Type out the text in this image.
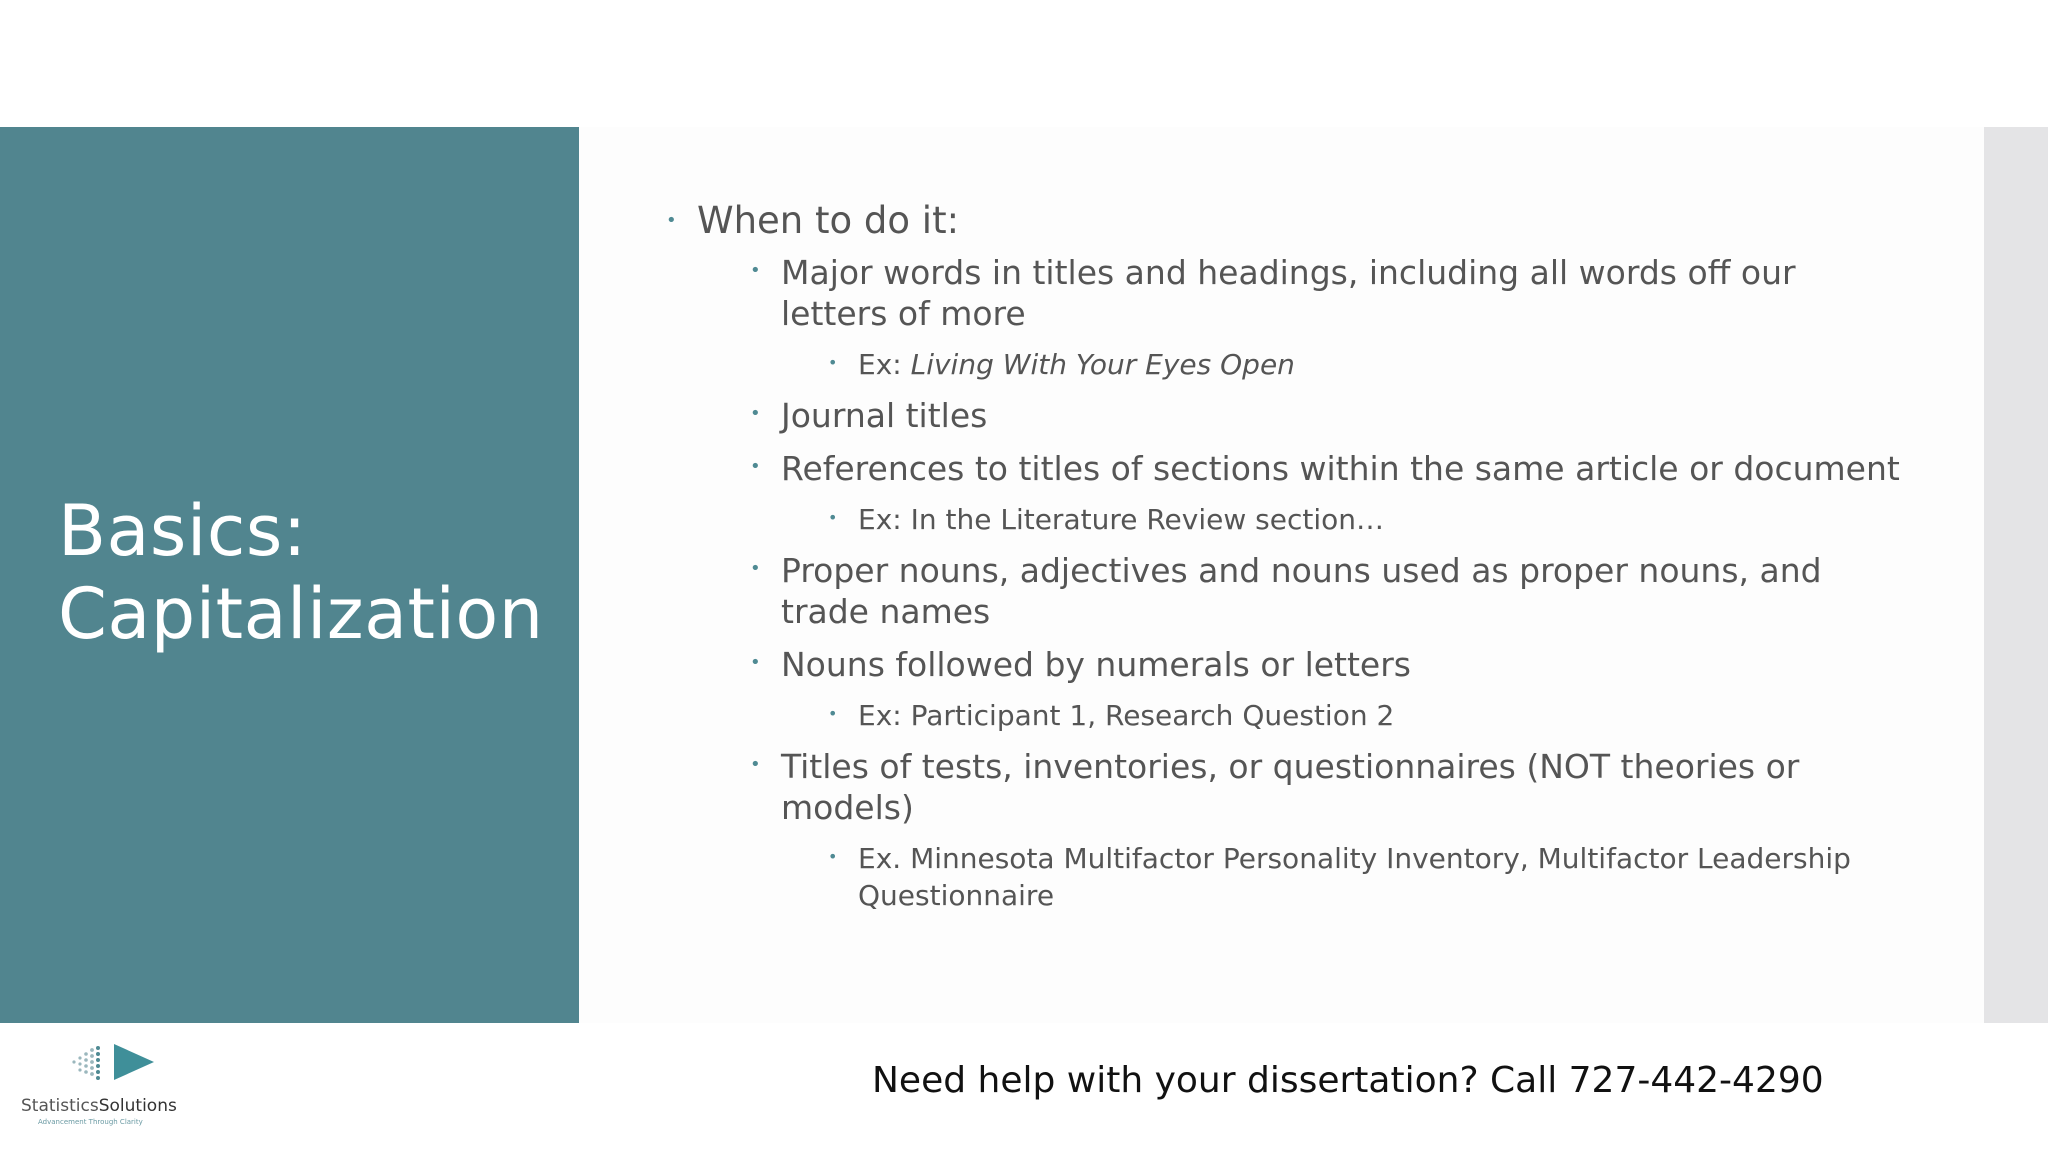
Basics:
Capitalization
• When to do it:
• Major words in titles and headings, including all words off our letters of more
• Ex: Living With Your Eyes Open
• Journal titles
• References to titles of sections within the same article or document
• Ex: In the Literature Review section…
• Proper nouns, adjectives and nouns used as proper nouns, and trade names
• Nouns followed by numerals or letters
• Ex: Participant 1, Research Question 2
• Titles of tests, inventories, or questionnaires (NOT theories or models)
• Ex. Minnesota Multifactor Personality Inventory, Multifactor Leadership Questionnaire
StatisticsSolutions
Advancement Through Clarity
Need help with your dissertation? Call 727-442-4290
